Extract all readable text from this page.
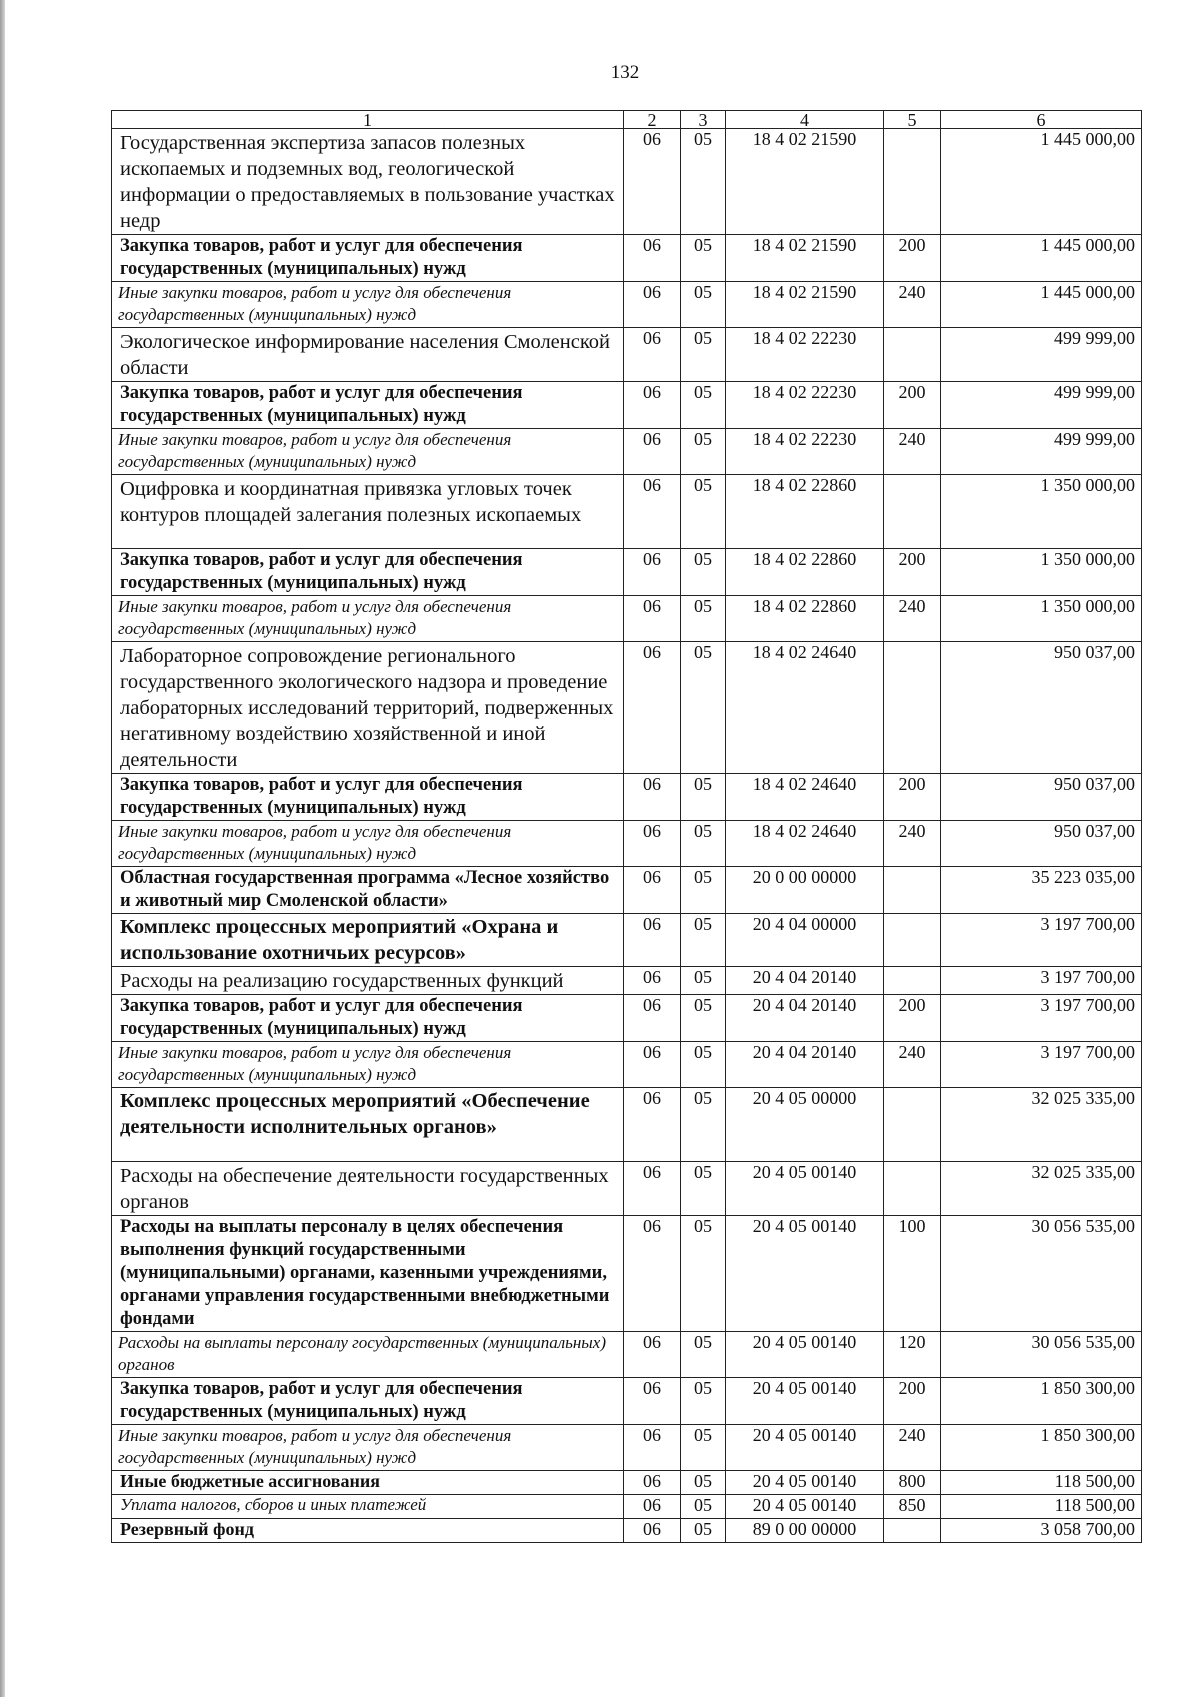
132
1	2	3	4	5	6
Государственная экспертиза запасов полезных ископаемых и подземных вод, геологической информации о предоставляемых в пользование участках недр	06	05	18 4 02 21590		1 445 000,00
Закупка товаров, работ и услуг для обеспечения государственных (муниципальных) нужд	06	05	18 4 02 21590	200	1 445 000,00
Иные закупки товаров, работ и услуг для обеспечения государственных (муниципальных) нужд	06	05	18 4 02 21590	240	1 445 000,00
Экологическое информирование населения Смоленской области	06	05	18 4 02 22230		499 999,00
Закупка товаров, работ и услуг для обеспечения государственных (муниципальных) нужд	06	05	18 4 02 22230	200	499 999,00
Иные закупки товаров, работ и услуг для обеспечения государственных (муниципальных) нужд	06	05	18 4 02 22230	240	499 999,00
Оцифровка и координатная привязка угловых точек контуров площадей залегания полезных ископаемых	06	05	18 4 02 22860		1 350 000,00
Закупка товаров, работ и услуг для обеспечения государственных (муниципальных) нужд	06	05	18 4 02 22860	200	1 350 000,00
Иные закупки товаров, работ и услуг для обеспечения государственных (муниципальных) нужд	06	05	18 4 02 22860	240	1 350 000,00
Лабораторное сопровождение регионального государственного экологического надзора и проведение лабораторных исследований территорий, подверженных негативному воздействию хозяйственной и иной деятельности	06	05	18 4 02 24640		950 037,00
Закупка товаров, работ и услуг для обеспечения государственных (муниципальных) нужд	06	05	18 4 02 24640	200	950 037,00
Иные закупки товаров, работ и услуг для обеспечения государственных (муниципальных) нужд	06	05	18 4 02 24640	240	950 037,00
Областная государственная программа «Лесное хозяйство и животный мир Смоленской области»	06	05	20 0 00 00000		35 223 035,00
Комплекс процессных мероприятий «Охрана и использование охотничьих ресурсов»	06	05	20 4 04 00000		3 197 700,00
Расходы на реализацию государственных функций	06	05	20 4 04 20140		3 197 700,00
Закупка товаров, работ и услуг для обеспечения государственных (муниципальных) нужд	06	05	20 4 04 20140	200	3 197 700,00
Иные закупки товаров, работ и услуг для обеспечения государственных (муниципальных) нужд	06	05	20 4 04 20140	240	3 197 700,00
Комплекс процессных мероприятий «Обеспечение деятельности исполнительных органов»	06	05	20 4 05 00000		32 025 335,00
Расходы на обеспечение деятельности государственных органов	06	05	20 4 05 00140		32 025 335,00
Расходы на выплаты персоналу в целях обеспечения выполнения функций государственными (муниципальными) органами, казенными учреждениями, органами управления государственными внебюджетными фондами	06	05	20 4 05 00140	100	30 056 535,00
Расходы на выплаты персоналу государственных (муниципальных) органов	06	05	20 4 05 00140	120	30 056 535,00
Закупка товаров, работ и услуг для обеспечения государственных (муниципальных) нужд	06	05	20 4 05 00140	200	1 850 300,00
Иные закупки товаров, работ и услуг для обеспечения государственных (муниципальных) нужд	06	05	20 4 05 00140	240	1 850 300,00
Иные бюджетные ассигнования	06	05	20 4 05 00140	800	118 500,00
Уплата налогов, сборов и иных платежей	06	05	20 4 05 00140	850	118 500,00
Резервный фонд	06	05	89 0 00 00000		3 058 700,00
